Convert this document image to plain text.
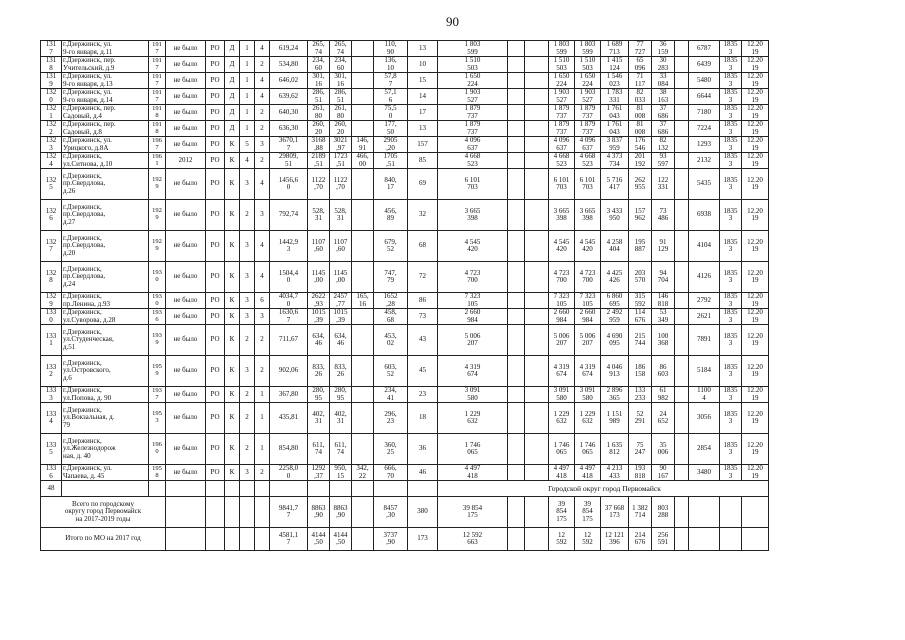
90
131
7	г.Дзержинск, ул.
9-го января, д.11	191
7	не было	РО	Д	1	4	619,24	265,
74	265,
74		110,
90	13	1 803
599			1 803
599	1 803
599	1 689
713	77
727	36
159		6787	1835
3	12.20
19
131
8	г.Дзержинск, пер.
Учительский, д.9	191
7	не было	РО	Д	1	2	534,80	234,
60	234,
60		136,
10	10	1 510
503			1 510
503	1 510
503	1 415
124	65
096	30
283		6439	1835
3	12.20
19
131
9	г.Дзержинск, ул.
9-го января, д.13	191
7	не было	РО	Д	1	4	646,02	301,
16	301,
16		57,8
7	15	1 650
224			1 650
224	1 650
224	1 546
023	71
117	33
084		5480	1835
3	12.20
19
132
0	г.Дзержинск, ул.
9-го января, д.14	191
7	не было	РО	Д	1	4	639,62	286,
51	286,
51		57,1
6	14	1 903
527			1 903
527	1 903
527	1 783
331	82
033	38
163		6644	1835
3	12.20
19
132
1	г.Дзержинск, пер.
Садовый, д.4	191
8	не было	РО	Д	1	2	640,30	261,
80	261,
80		75,5
0	17	1 879
737			1 879
737	1 879
737	1 761
043	81
008	37
686		7180	1835
3	12.20
19
132
2	г.Дзержинск, пер.
Садовый, д.8	191
8	не было	РО	Д	1	2	636,30	260,
20	260,
20		177,
50	13	1 879
737			1 879
737	1 879
737	1 761
043	81
008	37
686		7224	1835
3	12.20
19
132
3	г.Дзержинск, ул.
Урицкого, д.8А	196
7	не было	РО	К	5	3	3670,1
7	3168
,88	3021
,97	146,
91	2905
,20	157	4 096
637			4 096
637	4 096
637	3 837
959	176
546	82
132		1293	1835
3	12.20
19
132
4	г.Дзержинск,
ул.Ситнова, д.10	196
1	2012	РО	К	4	2	29809,
51	2189
,51	1723
,51	466,
00	1705
,51	85	4 668
523			4 668
523	4 668
523	4 373
734	201
192	93
597		2132	1835
3	12.20
19
132
5	г.Дзержинск,
пр.Свердлова,
д.26	192
9	не было	РО	К	3	4	1456,6
0	1122
,70	1122
,70		840,
17	69	6 101
703			6 101
703	6 101
703	5 716
417	262
955	122
331		5435	1835
3	12.20
19
132
6	г.Дзержинск,
пр.Свердлова,
д.27	192
9	не было	РО	К	2	3	792,74	528,
31	528,
31		456,
89	32	3 665
398			3 665
398	3 665
398	3 433
950	157
962	73
486		6938	1835
3	12.20
19
132
7	г.Дзержинск,
пр.Свердлова,
д.20	192
9	не было	РО	К	3	4	1442,9
3	1107
,60	1107
,60		679,
52	68	4 545
420			4 545
420	4 545
420	4 258
404	195
887	91
129		4104	1835
3	12.20
19
132
8	г.Дзержинск,
пр.Свердлова,
д.24	193
0	не было	РО	К	3	4	1504,4
0	1145
,00	1145
,00		747,
79	72	4 723
700			4 723
700	4 723
700	4 425
426	203
570	94
704		4126	1835
3	12.20
19
132
9	г.Дзержинск,
пр.Ленина, д.93	193
0	не было	РО	К	3	6	4034,7
0	2622
,93	2457
,77	165,
16	1652
,28	86	7 323
105			7 323
105	7 323
105	6 860
695	315
592	146
818		2792	1835
3	12.20
19
133
0	г.Дзержинск,
ул.Суворова, д.28	193
6	не было	РО	К	3	3	1630,6
7	1015
,39	1015
,39		458,
68	73	2 660
984			2 660
984	2 660
984	2 492
959	114
676	53
349		2621	1835
3	12.20
19
133
1	г.Дзержинск,
ул.Студенческая,
д.51	193
9	не было	РО	К	2	2	711,67	634,
46	634,
46		453,
02	43	5 006
207			5 006
207	5 006
207	4 690
095	215
744	100
368		7891	1835
3	12.20
19
133
2	г.Дзержинск,
ул.Островского,
д.6	195
9	не было	РО	К	3	2	902,06	833,
26	833,
26		603,
52	45	4 319
674			4 319
674	4 319
674	4 046
913	186
158	86
603		5184	1835
3	12.20
19
133
3	г.Дзержинск,
ул.Попова, д. 90	193
7	не было	РО	К	2	1	367,80	280,
95	280,
95		234,
41	23	3 091
580			3 091
580	3 091
580	2 896
365	133
233	61
982		1100
4	1835
3	12.20
19
133
4	г.Дзержинск,
ул.Вокзальная, д.
79	195
3	не было	РО	К	2	1	435,81	402,
31	402,
31		296,
23	18	1 229
632			1 229
632	1 229
632	1 151
989	52
291	24
652		3056	1835
3	12.20
19
133
5	г.Дзержинск,
ул.Железнодорож
ная, д. 40	196
0	не было	РО	К	2	1	854,80	611,
74	611,
74		360,
25	36	1 746
065			1 746
065	1 746
065	1 635
812	75
247	35
006		2854	1835
3	12.20
19
133
6	г.Дзержинск, ул.
Чапаева, д. 45	195
8	не было	РО	К	3	2	2258,0
0	1292
,37	950,
15	342,
22	666,
70	46	4 497
418			4 497
418	4 497
418	4 213
433	193
818	90
167		3480	1835
3	12.20
19
48														Городской округ город Первомайск											
Всего по городскому
округу город Первомайск
на 2017-2019 годы								9841,7
7	8863
,90	8863
,90		8457
,30	380	39 854
175			39
854
175	39
854
175	37 668
173	1 382
714	803
288				
Итого по МО на 2017 год								4581,1
7	4144
,50	4144
,50		3737
,90	173	12 592
663			12
592	12
592	12 121
396	214
676	256
591				
